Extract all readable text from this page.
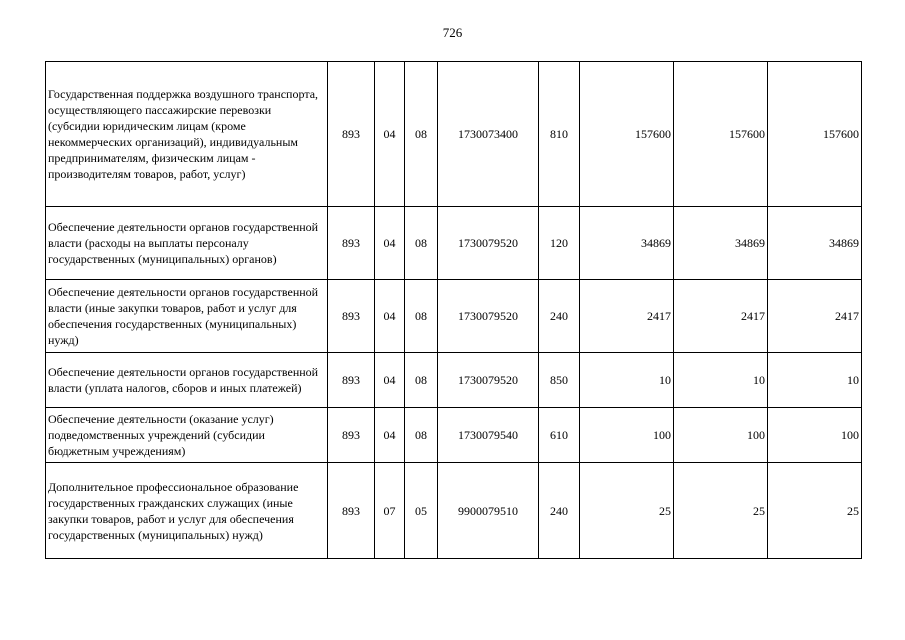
726
Государственная поддержка воздушного транспорта, осуществляющего пассажирские перевозки (субсидии юридическим лицам (кроме некоммерческих организаций), индивидуальным предпринимателям, физическим лицам - производителям товаров, работ, услуг)	893	04	08	1730073400	810	157600	157600	157600
Обеспечение деятельности органов государственной власти (расходы на выплаты персоналу государственных (муниципальных) органов)	893	04	08	1730079520	120	34869	34869	34869
Обеспечение деятельности органов государственной власти (иные закупки товаров, работ и услуг для обеспечения государственных (муниципальных) нужд)	893	04	08	1730079520	240	2417	2417	2417
Обеспечение деятельности органов государственной власти (уплата налогов, сборов и иных платежей)	893	04	08	1730079520	850	10	10	10
Обеспечение деятельности (оказание услуг) подведомственных учреждений (субсидии бюджетным учреждениям)	893	04	08	1730079540	610	100	100	100
Дополнительное профессиональное образование государственных гражданских служащих (иные закупки товаров, работ и услуг для обеспечения государственных (муниципальных) нужд)	893	07	05	9900079510	240	25	25	25
